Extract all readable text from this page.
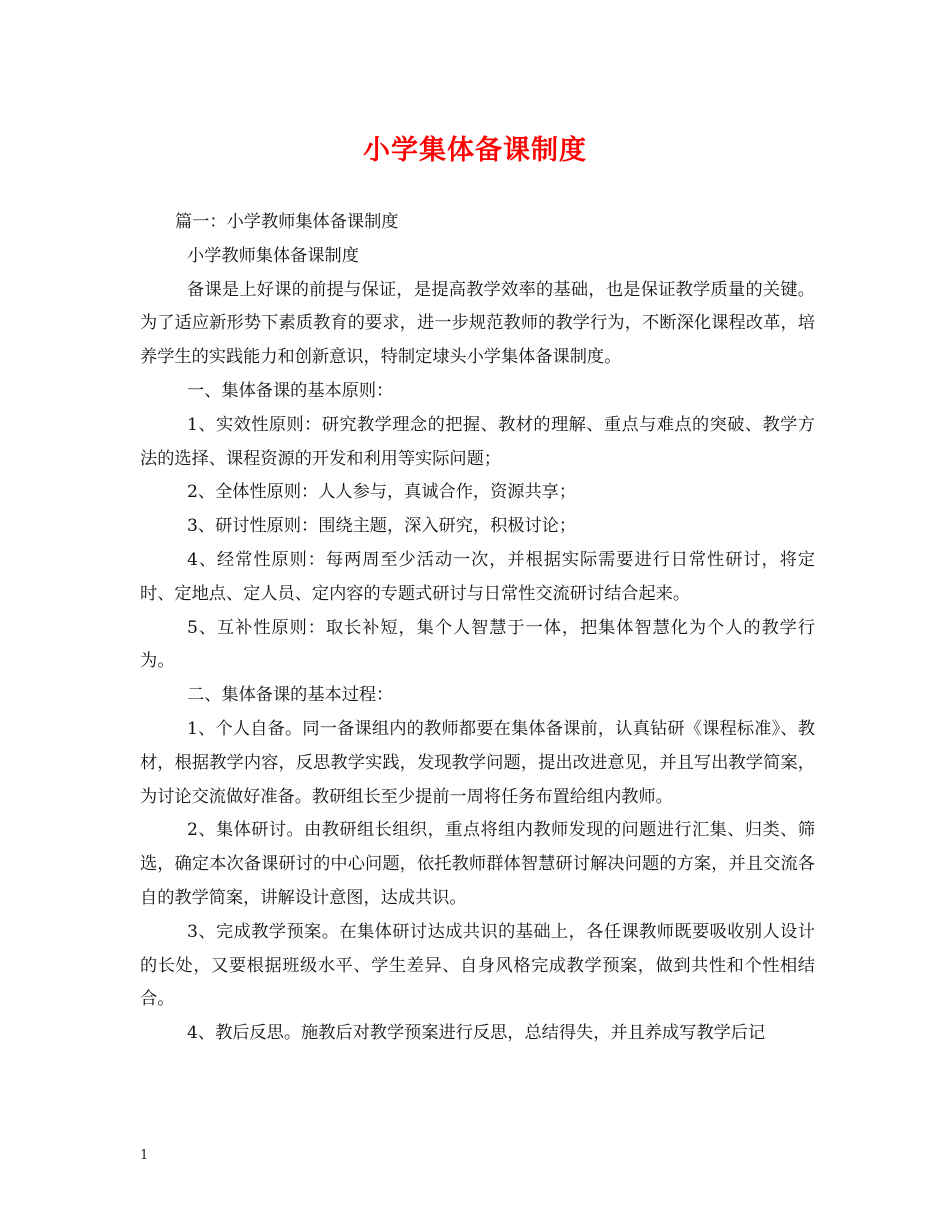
小学集体备课制度

篇一：小学教师集体备课制度

小学教师集体备课制度

备课是上好课的前提与保证，是提高教学效率的基础，也是保证教学质量的关键。为了适应新形势下素质教育的要求，进一步规范教师的教学行为，不断深化课程改革，培养学生的实践能力和创新意识，特制定埭头小学集体备课制度。

一、集体备课的基本原则：

1、实效性原则：研究教学理念的把握、教材的理解、重点与难点的突破、教学方法的选择、课程资源的开发和利用等实际问题；

2、全体性原则：人人参与，真诚合作，资源共享；

3、研讨性原则：围绕主题，深入研究，积极讨论；

4、经常性原则：每两周至少活动一次，并根据实际需要进行日常性研讨，将定时、定地点、定人员、定内容的专题式研讨与日常性交流研讨结合起来。

5、互补性原则：取长补短，集个人智慧于一体，把集体智慧化为个人的教学行为。

二、集体备课的基本过程：

1、个人自备。同一备课组内的教师都要在集体备课前，认真钻研《课程标准》、教材，根据教学内容，反思教学实践，发现教学问题，提出改进意见，并且写出教学简案，为讨论交流做好准备。教研组长至少提前一周将任务布置给组内教师。

2、集体研讨。由教研组长组织，重点将组内教师发现的问题进行汇集、归类、筛选，确定本次备课研讨的中心问题，依托教师群体智慧研讨解决问题的方案，并且交流各自的教学简案，讲解设计意图，达成共识。

3、完成教学预案。在集体研讨达成共识的基础上，各任课教师既要吸收别人设计的长处，又要根据班级水平、学生差异、自身风格完成教学预案，做到共性和个性相结合。

4、教后反思。施教后对教学预案进行反思，总结得失，并且养成写教学后记

1
